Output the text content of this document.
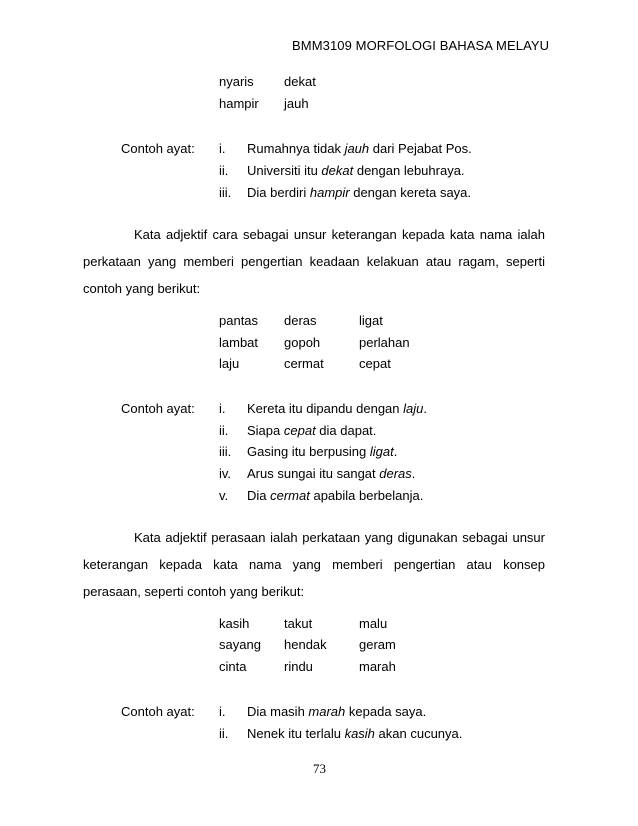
BMM3109 MORFOLOGI BAHASA MELAYU
nyaris dekat
hampir jauh
Contoh ayat: i. Rumahnya tidak jauh dari Pejabat Pos.
ii. Universiti itu dekat dengan lebuhraya.
iii. Dia berdiri hampir dengan kereta saya.
Kata adjektif cara sebagai unsur keterangan kepada kata nama ialah perkataan yang memberi pengertian keadaan kelakuan atau ragam, seperti contoh yang berikut:
pantas deras	ligat
lambat gopoh	perlahan
laju	cermat	cepat
Contoh ayat: i. Kereta itu dipandu dengan laju.
ii. Siapa cepat dia dapat.
iii. Gasing itu berpusing ligat.
iv. Arus sungai itu sangat deras.
v. Dia cermat apabila berbelanja.
Kata adjektif perasaan ialah perkataan yang digunakan sebagai unsur keterangan kepada kata nama yang memberi pengertian atau konsep perasaan, seperti contoh yang berikut:
kasih	takut	malu
sayang hendak geram
cinta	rindu	marah
Contoh ayat: i. Dia masih marah kepada saya.
ii. Nenek itu terlalu kasih akan cucunya.
73
